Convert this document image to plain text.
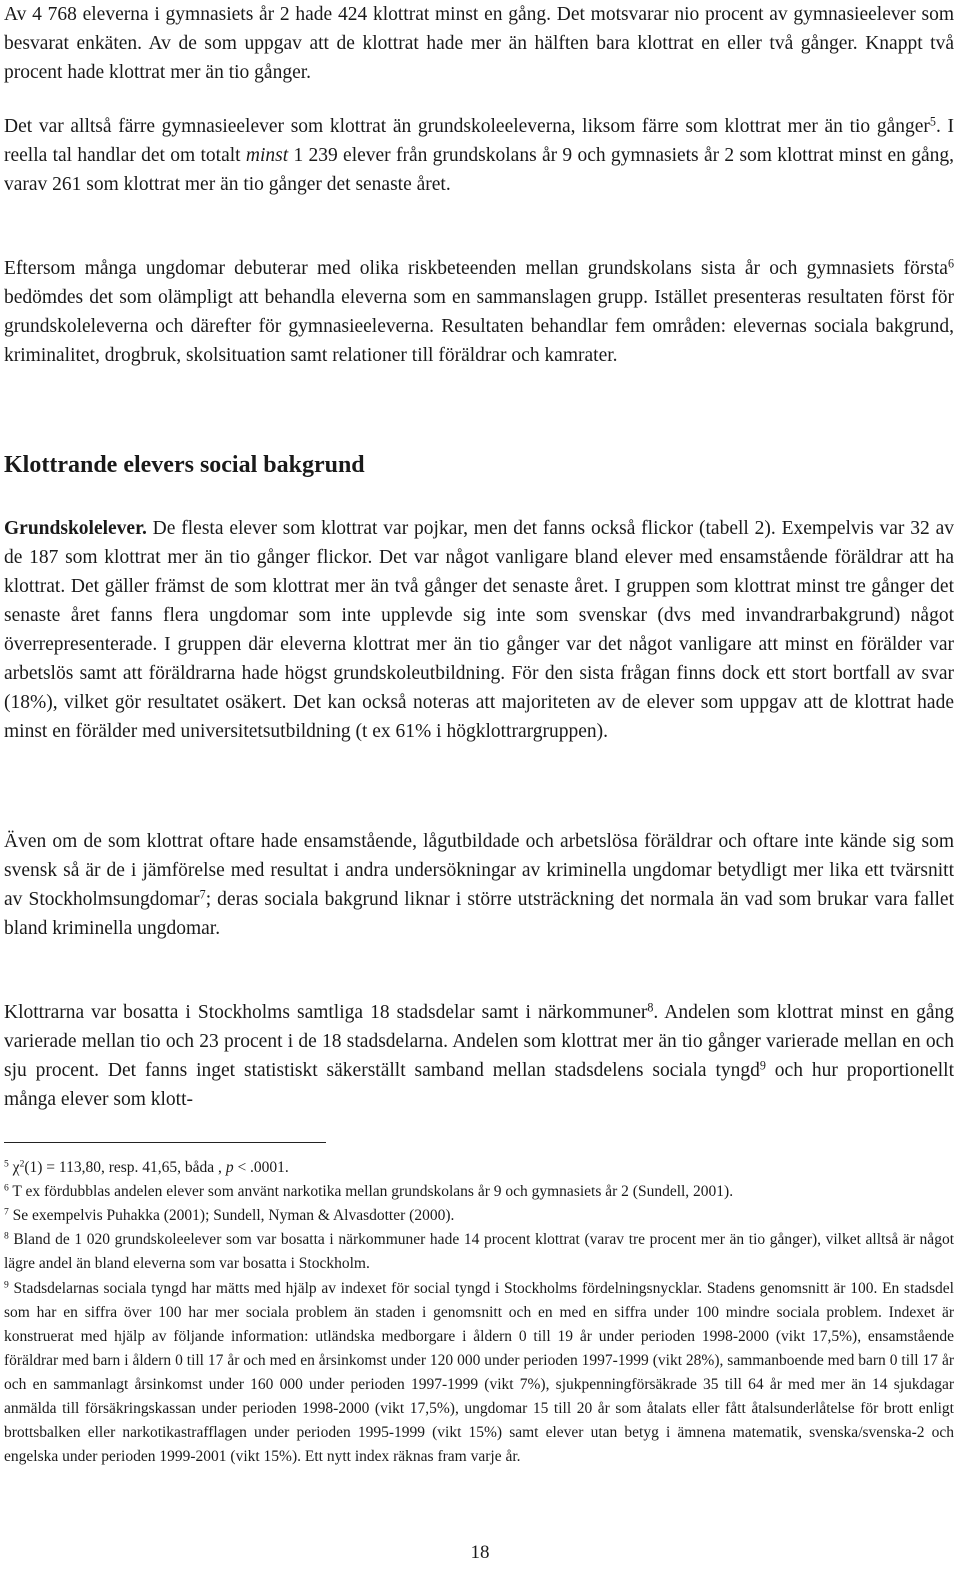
Av 4 768 eleverna i gymnasiets år 2 hade 424 klottrat minst en gång. Det motsvarar nio procent av gymnasieelever som besvarat enkäten. Av de som uppgav att de klottrat hade mer än hälften bara klottrat en eller två gånger. Knappt två procent hade klottrat mer än tio gånger.

Det var alltså färre gymnasieelever som klottrat än grundskoleeleverna, liksom färre som klottrat mer än tio gånger$^5$. I reella tal handlar det om totalt minst 1 239 elever från grundskolans år 9 och gymnasiets år 2 som klottrat minst en gång, varav 261 som klottrat mer än tio gånger det senaste året.

Eftersom många ungdomar debuterar med olika riskbeteenden mellan grundskolans sista år och gymnasiets första$^6$ bedömdes det som olämpligt att behandla eleverna som en sammanslagen grupp. Istället presenteras resultaten först för grundskoleleverna och därefter för gymnasieeleverna. Resultaten behandlar fem områden: elevernas sociala bakgrund, kriminalitet, drogbruk, skolsituation samt relationer till föräldrar och kamrater.

Klottrande elevers social bakgrund

Grundskolelever. De flesta elever som klottrat var pojkar, men det fanns också flickor (tabell 2). Exempelvis var 32 av de 187 som klottrat mer än tio gånger flickor. Det var något vanligare bland elever med ensamstående föräldrar att ha klottrat. Det gäller främst de som klottrat mer än två gånger det senaste året. I gruppen som klottrat minst tre gånger det senaste året fanns flera ungdomar som inte upplevde sig inte som svenskar (dvs med invandrarbakgrund) något överrepresenterade. I gruppen där eleverna klottrat mer än tio gånger var det något vanligare att minst en förälder var arbetslös samt att föräldrarna hade högst grundskoleutbildning. För den sista frågan finns dock ett stort bortfall av svar (18%), vilket gör resultatet osäkert. Det kan också noteras att majoriteten av de elever som uppgav att de klottrat hade minst en förälder med universitetsutbildning (t ex 61% i högklottrargruppen).

Även om de som klottrat oftare hade ensamstående, lågutbildade och arbetslösa föräldrar och oftare inte kände sig som svensk så är de i jämförelse med resultat i andra undersökningar av kriminella ungdomar betydligt mer lika ett tvärsnitt av Stockholmsungdomar$^7$; deras sociala bakgrund liknar i större utsträckning det normala än vad som brukar vara fallet bland kriminella ungdomar.

Klottrarna var bosatta i Stockholms samtliga 18 stadsdelar samt i närkommuner$^8$. Andelen som klottrat minst en gång varierade mellan tio och 23 procent i de 18 stadsdelarna. Andelen som klottrat mer än tio gånger varierade mellan en och sju procent. Det fanns inget statistiskt säkerställt samband mellan stadsdelens sociala tyngd$^9$ och hur proportionellt många elever som klott-

$^5$ $\chi^2(1) = 113,80$, resp. 41,65, båda , p < .0001.

$^6$ T ex fördubblas andelen elever som använt narkotika mellan grundskolans år 9 och gymnasiets år 2 (Sundell, 2001).

$^7$ Se exempelvis Puhakka (2001); Sundell, Nyman & Alvasdotter (2000).

$^8$ Bland de 1 020 grundskoleelever som var bosatta i närkommuner hade 14 procent klottrat (varav tre procent mer än tio gånger), vilket alltså är något lägre andel än bland eleverna som var bosatta i Stockholm.

$^9$ Stadsdelarnas sociala tyngd har mätts med hjälp av indexet för social tyngd i Stockholms fördelningsnycklar. Stadens genomsnitt är 100. En stadsdel som har en siffra över 100 har mer sociala problem än staden i genomsnitt och en med en siffra under 100 mindre sociala problem. Indexet är konstruerat med hjälp av följande information: utländska medborgare i åldern 0 till 19 år under perioden 1998-2000 (vikt 17,5%), ensamstående föräldrar med barn i åldern 0 till 17 år och med en årsinkomst under 120 000 under perioden 1997-1999 (vikt 28%), sammanboende med barn 0 till 17 år och en sammanlagt årsinkomst under 160 000 under perioden 1997-1999 (vikt 7%), sjukpenningförsäkrade 35 till 64 år med mer än 14 sjukdagar anmälda till försäkringskassan under perioden 1998-2000 (vikt 17,5%), ungdomar 15 till 20 år som åtalats eller fått åtalsunderlåtelse för brott enligt brottsbalken eller narkotikastrafflagen under perioden 1995-1999 (vikt 15%) samt elever utan betyg i ämnena matematik, svenska/svenska-2 och engelska under perioden 1999-2001 (vikt 15%). Ett nytt index räknas fram varje år.

18
